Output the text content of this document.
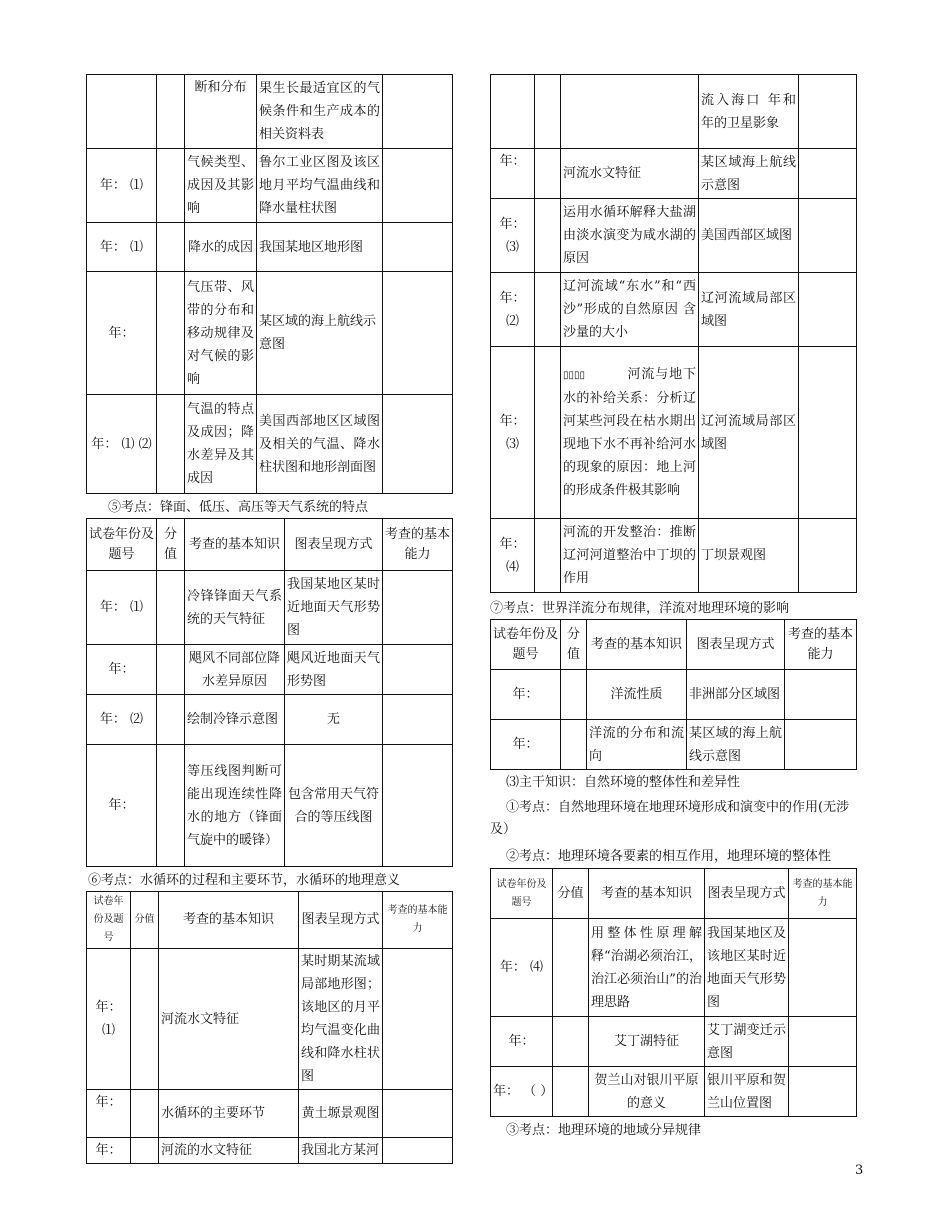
		断和分布	果生长最适宜区的气候条件和生产成本的相关资料表	
年： ⑴		气候类型、成因及其影响	鲁尔工业区图及该区 地月平均气温曲线和降水量柱状图	
年： ⑴		降水的成因	我国某地区地形图	
年：		气压带、风带的分布和移动规律及对气候的影响	某区域的海上航线示意图	
年： ⑴ ⑵		气温的特点及成因；降水差异及其成因	美国西部地区区域图及相关的气温、降水柱状图和地形剖面图	
⑤考点：锋面、低压、高压等天气系统的特点
试卷年份及题号	分值	考查的基本知识	图表呈现方式	考查的基本能力
年： ⑴		冷锋锋面天气系统的天气特征	我国某地区某时近地面天气形势图	
年：		飓风不同部位降水差异原因	飓风近地面天气形势图	
年： ⑵		绘制冷锋示意图	无	
年：		等压线图判断可能出现连续性降水的地方（锋面气旋中的暖锋）	包含常用天气符合的等压线图	
⑥考点：水循环的过程和主要环节，水循环的地理意义
试卷年份及题号	分值	考查的基本知识	图表呈现方式	考查的基本能力
年： ⑴		河流水文特征	某时期某流域局部地形图；该地区的月平均气温变化曲线和降水柱状图	
年：		水循环的主要环节	黄土塬景观图	
年：		河流的水文特征	我国北方某河	
			流入海口 年和 年的卫星影象	
年：		河流水文特征	某区域海上航线示意图	
年： ⑶		运用水循环解释大盐湖由淡水演变为咸水湖的原因	美国西部区域图	
年： ⑵		辽河流域“东水”和“西沙”形成的自然原因 含沙量的大小	辽河流域局部区域图	
年： ⑶		▯▯▯▯　　　 河流与地下水的补给关系：分析辽河某些河段在枯水期出现地下水不再补给河水的现象的原因：地上河的形成条件极其影响	辽河流域局部区域图	
年： ⑷		河流的开发整治：推断辽河河道整治中丁坝的作用	丁坝景观图	
⑦考点：世界洋流分布规律，洋流对地理环境的影响
试卷年份及题号	分值	考查的基本知识	图表呈现方式	考查的基本能力
年：		洋流性质	非洲部分区域图	
年：		洋流的分布和流向	某区域的海上航线示意图	
⑶主干知识：自然环境的整体性和差异性
①考点：自然地理环境在地理环境形成和演变中的作用(无涉及）
②考点：地理环境各要素的相互作用，地理环境的整体性
试卷年份及题号	分值	考查的基本知识	图表呈现方式	考查的基本能力
年： ⑷		用整体性原理解释“治湖必须治江，治江必须治山”的治理思路	我国某地区及该地区某时近地面天气形势图	
年：		艾丁湖特征	艾丁湖变迁示意图	
年： （ ）		贺兰山对银川平原的意义	银川平原和贺兰山位置图	
③考点：地理环境的地域分异规律
3
